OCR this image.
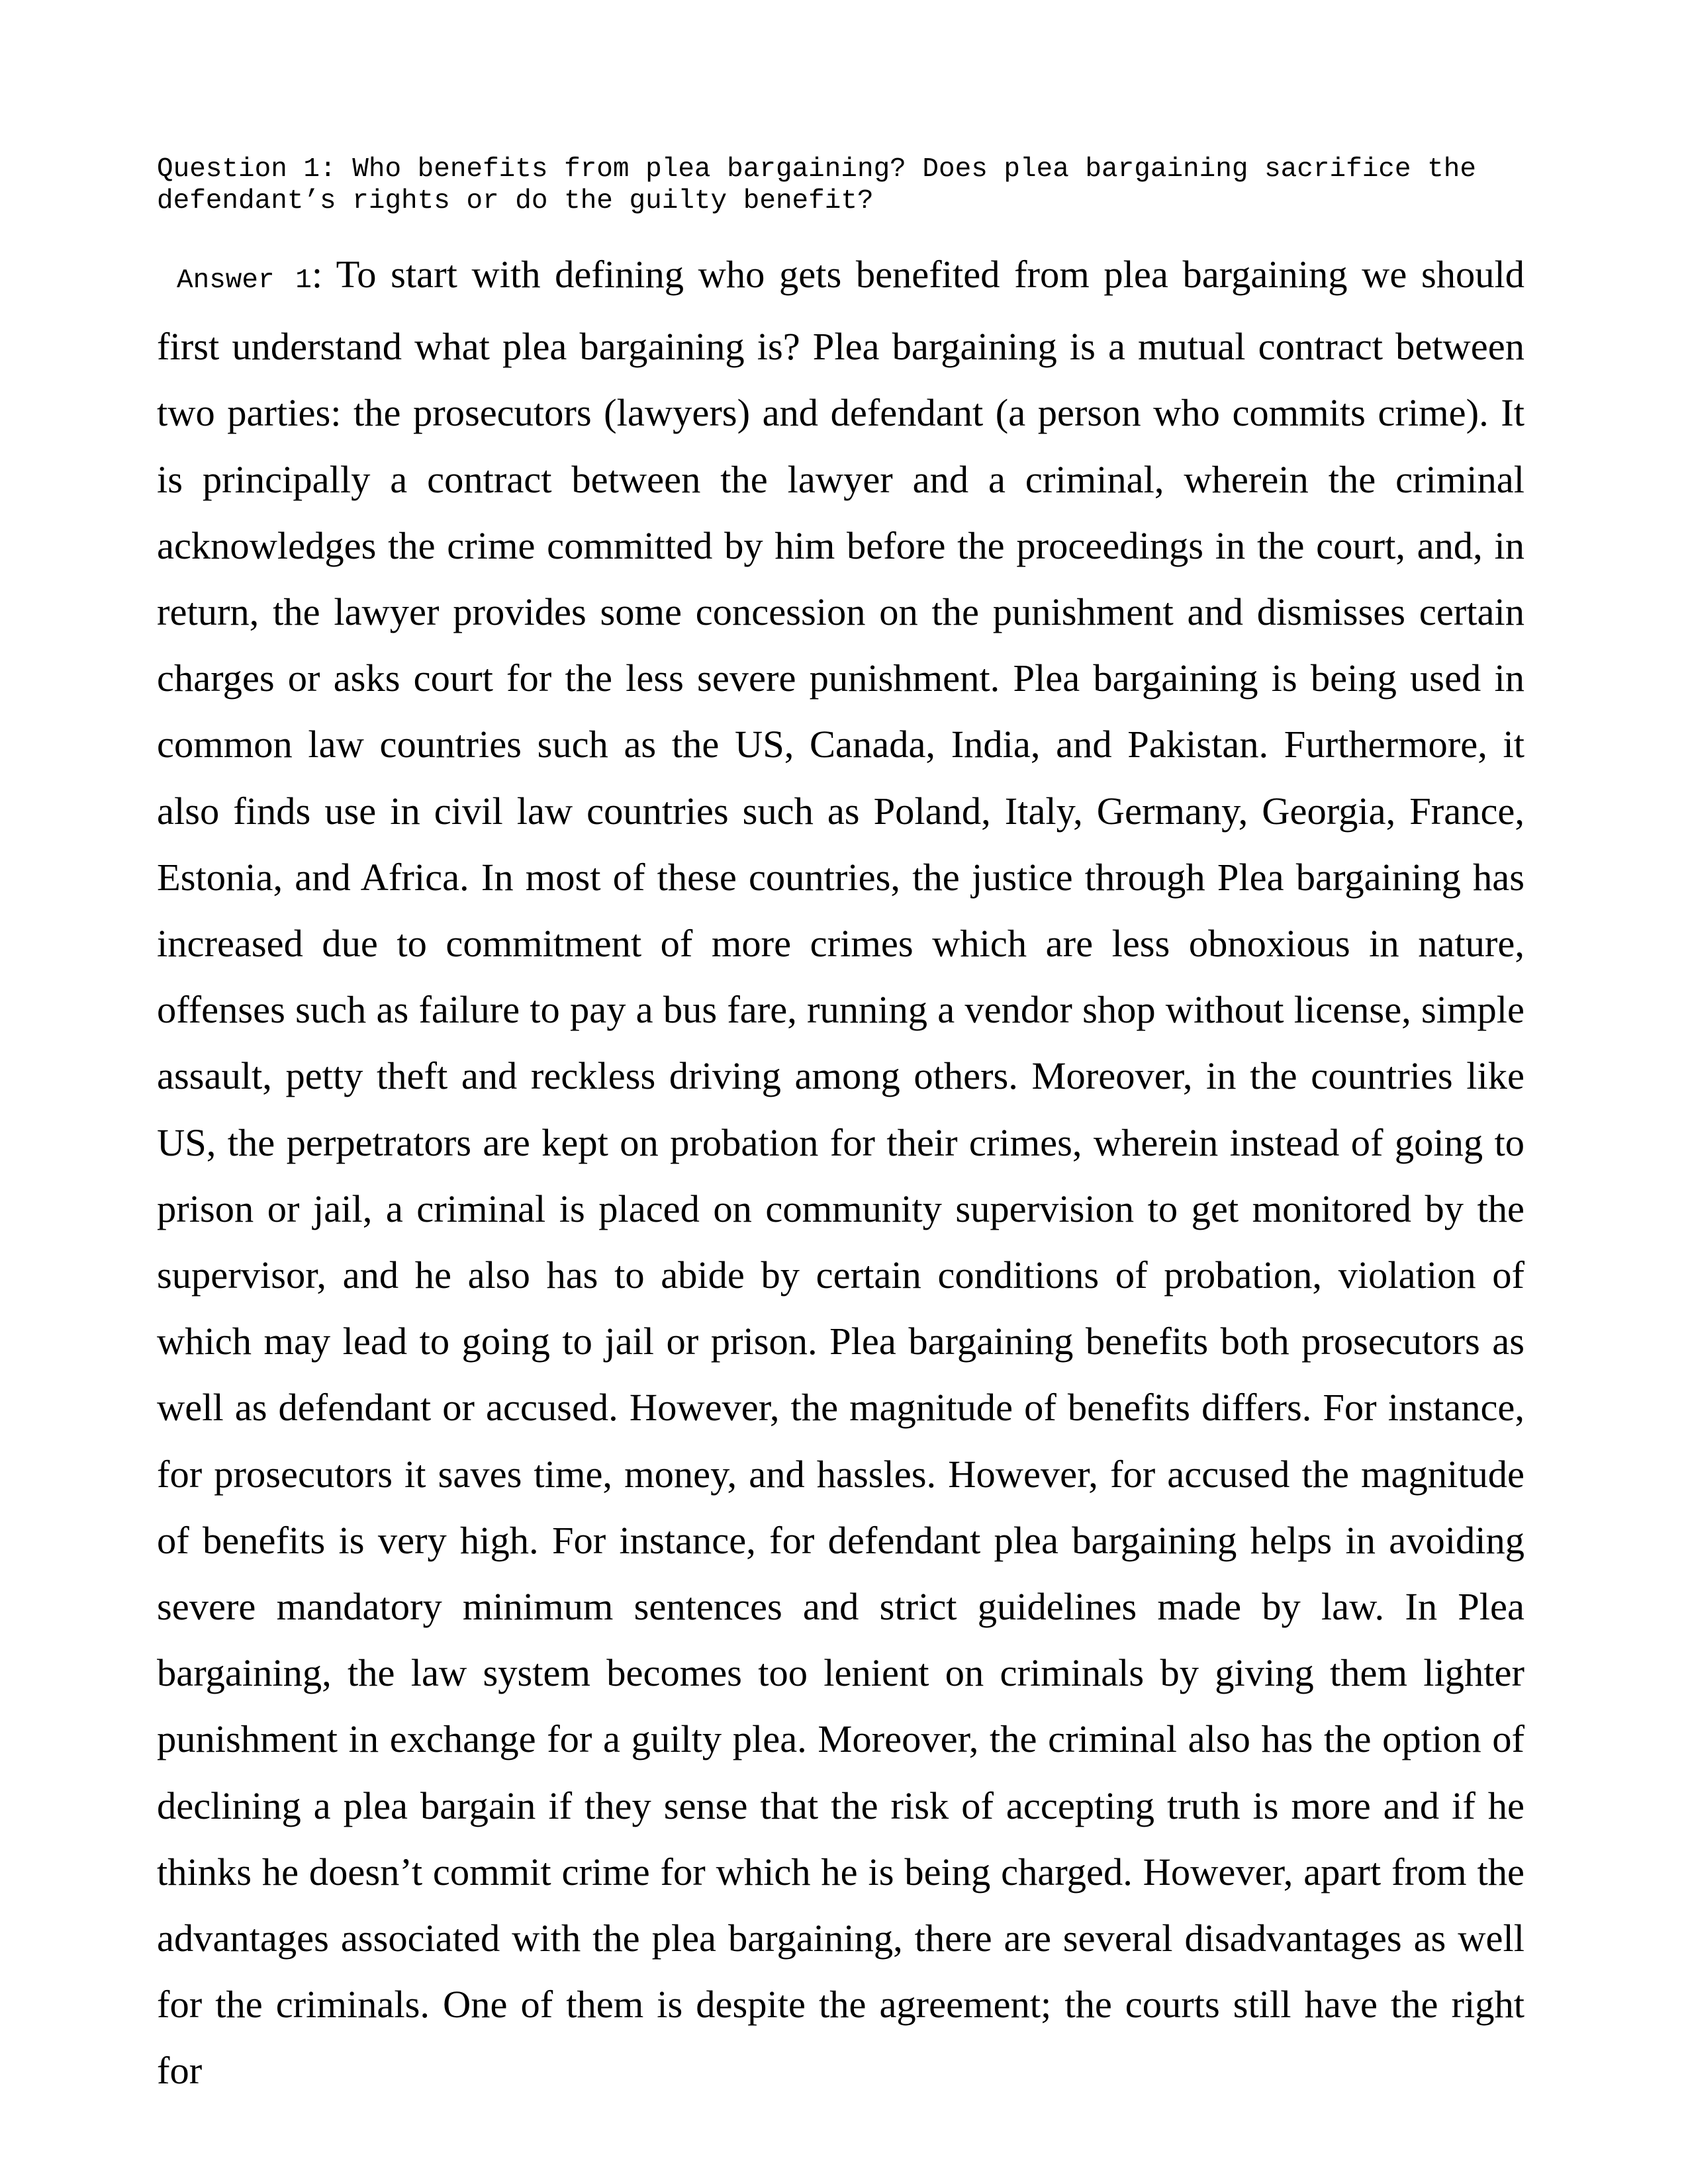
Question 1: Who benefits from plea bargaining? Does plea bargaining sacrifice the defendant’s rights or do the guilty benefit?

Answer 1: To start with defining who gets benefited from plea bargaining we should first understand what plea bargaining is? Plea bargaining is a mutual contract between two parties: the prosecutors (lawyers) and defendant (a person who commits crime). It is principally a contract between the lawyer and a criminal, wherein the criminal acknowledges the crime committed by him before the proceedings in the court, and, in return, the lawyer provides some concession on the punishment and dismisses certain charges or asks court for the less severe punishment. Plea bargaining is being used in common law countries such as the US, Canada, India, and Pakistan. Furthermore, it also finds use in civil law countries such as Poland, Italy, Germany, Georgia, France, Estonia, and Africa. In most of these countries, the justice through Plea bargaining has increased due to commitment of more crimes which are less obnoxious in nature, offenses such as failure to pay a bus fare, running a vendor shop without license, simple assault, petty theft and reckless driving among others. Moreover, in the countries like US, the perpetrators are kept on probation for their crimes, wherein instead of going to prison or jail, a criminal is placed on community supervision to get monitored by the supervisor, and he also has to abide by certain conditions of probation, violation of which may lead to going to jail or prison. Plea bargaining benefits both prosecutors as well as defendant or accused. However, the magnitude of benefits differs. For instance, for prosecutors it saves time, money, and hassles. However, for accused the magnitude of benefits is very high. For instance, for defendant plea bargaining helps in avoiding severe mandatory minimum sentences and strict guidelines made by law. In Plea bargaining, the law system becomes too lenient on criminals by giving them lighter punishment in exchange for a guilty plea. Moreover, the criminal also has the option of declining a plea bargain if they sense that the risk of accepting truth is more and if he thinks he doesn’t commit crime for which he is being charged. However, apart from the advantages associated with the plea bargaining, there are several disadvantages as well for the criminals. One of them is despite the agreement; the courts still have the right for
